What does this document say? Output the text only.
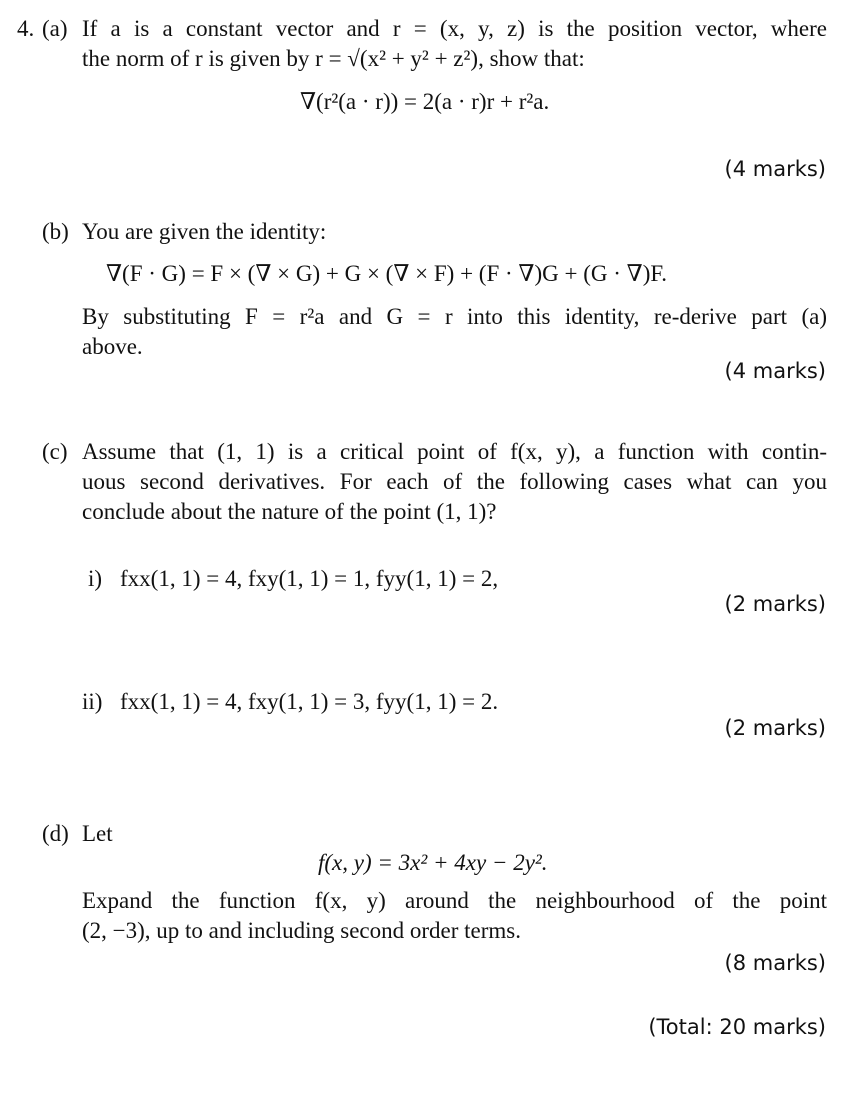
4. (a) If a is a constant vector and r = (x, y, z) is the position vector, where
the norm of r is given by r = √(x² + y² + z²), show that:
∇(r²(a · r)) = 2(a · r)r + r²a.
(4 marks)
(b) You are given the identity:
∇(F · G) = F × (∇ × G) + G × (∇ × F) + (F · ∇)G + (G · ∇)F.
By substituting F = r²a and G = r into this identity, re-derive part (a)
above.
(4 marks)
(c) Assume that (1, 1) is a critical point of f(x, y), a function with contin-
uous second derivatives. For each of the following cases what can you
conclude about the nature of the point (1, 1)?
i) fxx(1, 1) = 4, fxy(1, 1) = 1, fyy(1, 1) = 2,
(2 marks)
ii) fxx(1, 1) = 4, fxy(1, 1) = 3, fyy(1, 1) = 2.
(2 marks)
(d) Let
f(x, y) = 3x² + 4xy − 2y².
Expand the function f(x, y) around the neighbourhood of the point
(2, −3), up to and including second order terms.
(8 marks)
(Total: 20 marks)
